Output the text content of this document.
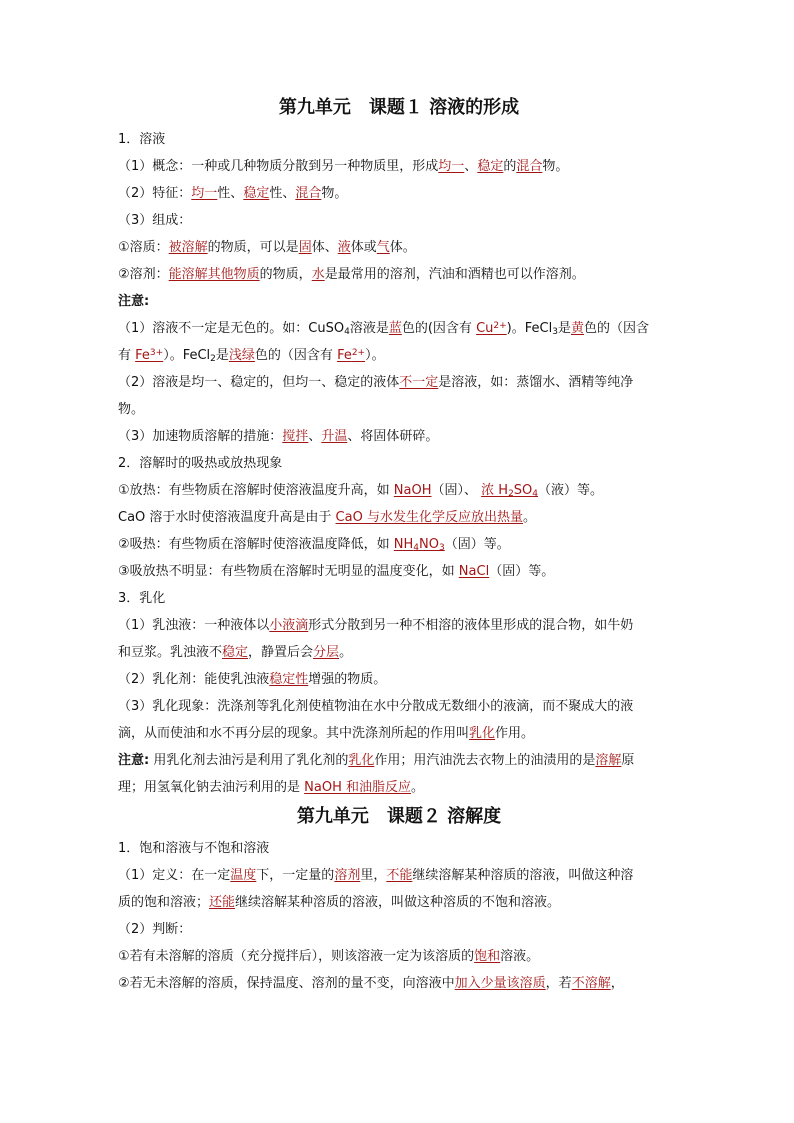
第九单元　课题１ 溶液的形成

1．溶液

（1）概念：一种或几种物质分散到另一种物质里，形成均一、稳定的混合物。

（2）特征：均一性、稳定性、混合物。

（3）组成：

①溶质：被溶解的物质，可以是固体、液体或气体。

②溶剂：能溶解其他物质的物质，水是最常用的溶剂，汽油和酒精也可以作溶剂。

注意:

（1）溶液不一定是无色的。如：CuSO$_4$溶液是蓝色的(因含有 $Cu^{2+}$)。FeCl$_3$是黄色的（因含
有 $Fe^{3+}$）。FeCl$_2$是浅绿色的（因含有 $Fe^{2+}$）。

（2）溶液是均一、稳定的，但均一、稳定的液体不一定是溶液，如：蒸馏水、酒精等纯净
物。

（3）加速物质溶解的措施：搅拌、升温、将固体研碎。

2．溶解时的吸热或放热现象

①放热：有些物质在溶解时使溶液温度升高，如 NaOH（固）、 浓 $H_2SO_4$（液）等。

CaO 溶于水时使溶液温度升高是由于 CaO 与水发生化学反应放出热量。

②吸热：有些物质在溶解时使溶液温度降低，如 $NH_4NO_3$（固）等。

③吸放热不明显：有些物质在溶解时无明显的温度变化，如 NaCl（固）等。

3．乳化

（1）乳浊液：一种液体以小液滴形式分散到另一种不相溶的液体里形成的混合物，如牛奶
和豆浆。乳浊液不稳定，静置后会分层。

（2）乳化剂：能使乳浊液稳定性增强的物质。

（3）乳化现象：洗涤剂等乳化剂使植物油在水中分散成无数细小的液滴，而不聚成大的液
滴，从而使油和水不再分层的现象。其中洗涤剂所起的作用叫乳化作用。

注意: 用乳化剂去油污是利用了乳化剂的乳化作用；用汽油洗去衣物上的油渍用的是溶解原
理；用氢氧化钠去油污利用的是 NaOH 和油脂反应。

第九单元　课题２ 溶解度

1．饱和溶液与不饱和溶液

（1）定义：在一定温度下，一定量的溶剂里，不能继续溶解某种溶质的溶液，叫做这种溶
质的饱和溶液；还能继续溶解某种溶质的溶液，叫做这种溶质的不饱和溶液。

（2）判断：

①若有未溶解的溶质（充分搅拌后），则该溶液一定为该溶质的饱和溶液。

②若无未溶解的溶质，保持温度、溶剂的量不变，向溶液中加入少量该溶质，若不溶解，
